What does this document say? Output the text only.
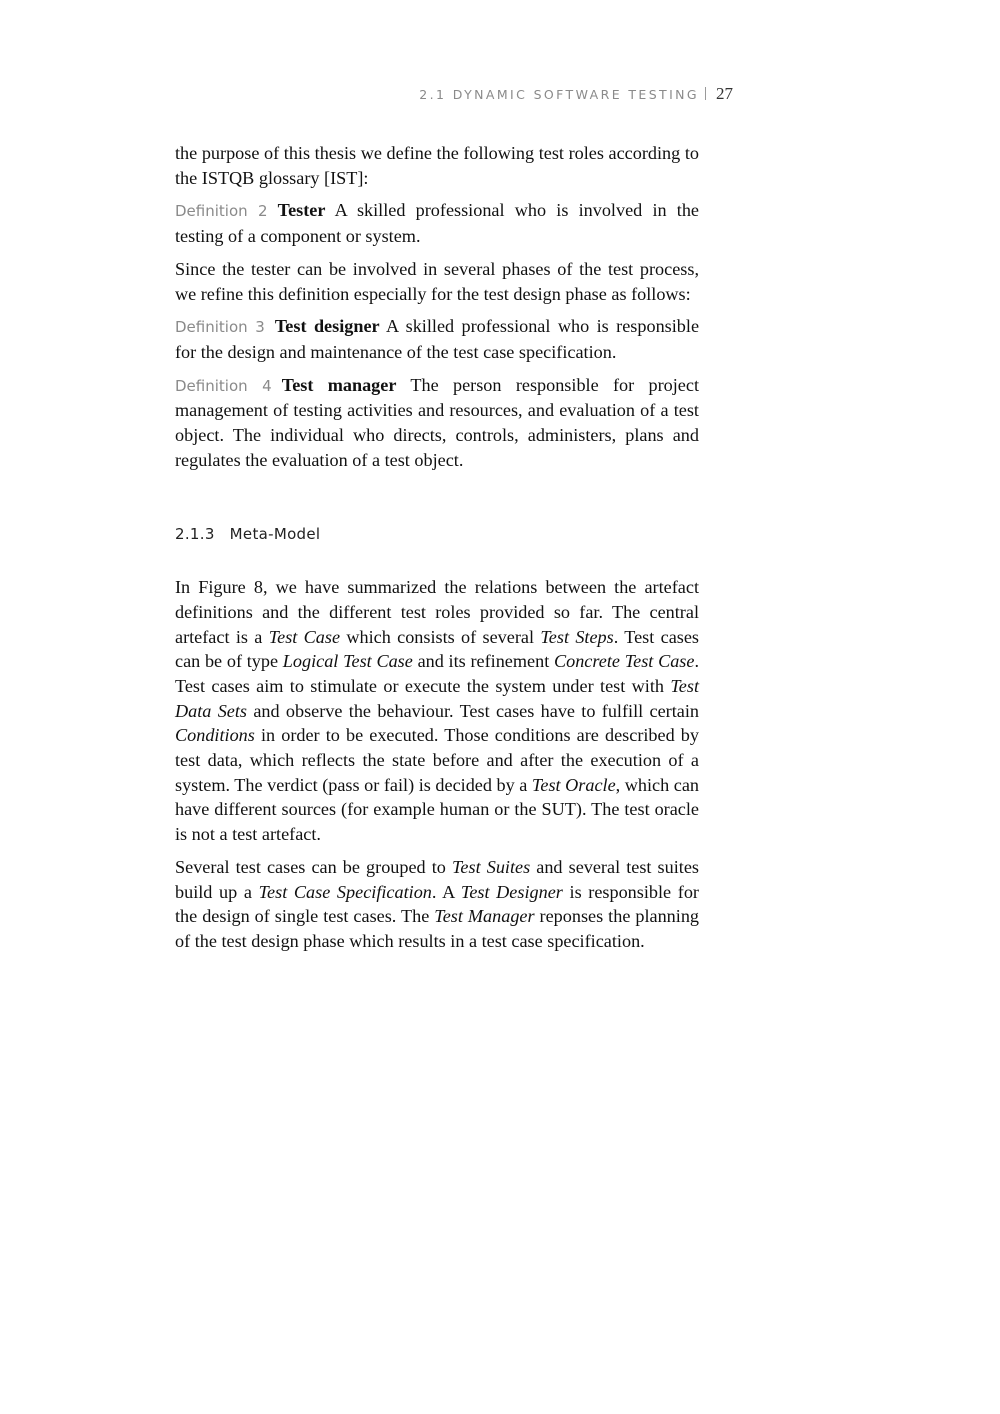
2.1 DYNAMIC SOFTWARE TESTING 27

the purpose of this thesis we define the following test roles according to the ISTQB glossary [IST]:

Definition 2 Tester A skilled professional who is involved in the testing of a component or system.

Since the tester can be involved in several phases of the test process, we refine this definition especially for the test design phase as follows:

Definition 3 Test designer A skilled professional who is responsible for the design and maintenance of the test case specification.

Definition 4 Test manager The person responsible for project management of testing activities and resources, and evaluation of a test object. The individual who directs, controls, administers, plans and regulates the evaluation of a test object.

2.1.3 Meta-Model

In Figure 8, we have summarized the relations between the artefact definitions and the different test roles provided so far. The central artefact is a Test Case which consists of several Test Steps. Test cases can be of type Logical Test Case and its refinement Concrete Test Case. Test cases aim to stimulate or execute the system under test with Test Data Sets and observe the behaviour. Test cases have to fulfill certain Conditions in order to be executed. Those conditions are described by test data, which reflects the state before and after the execution of a system. The verdict (pass or fail) is decided by a Test Oracle, which can have different sources (for example human or the SUT). The test oracle is not a test artefact.

Several test cases can be grouped to Test Suites and several test suites build up a Test Case Specification. A Test Designer is responsible for the design of single test cases. The Test Manager reponses the planning of the test design phase which results in a test case specification.
